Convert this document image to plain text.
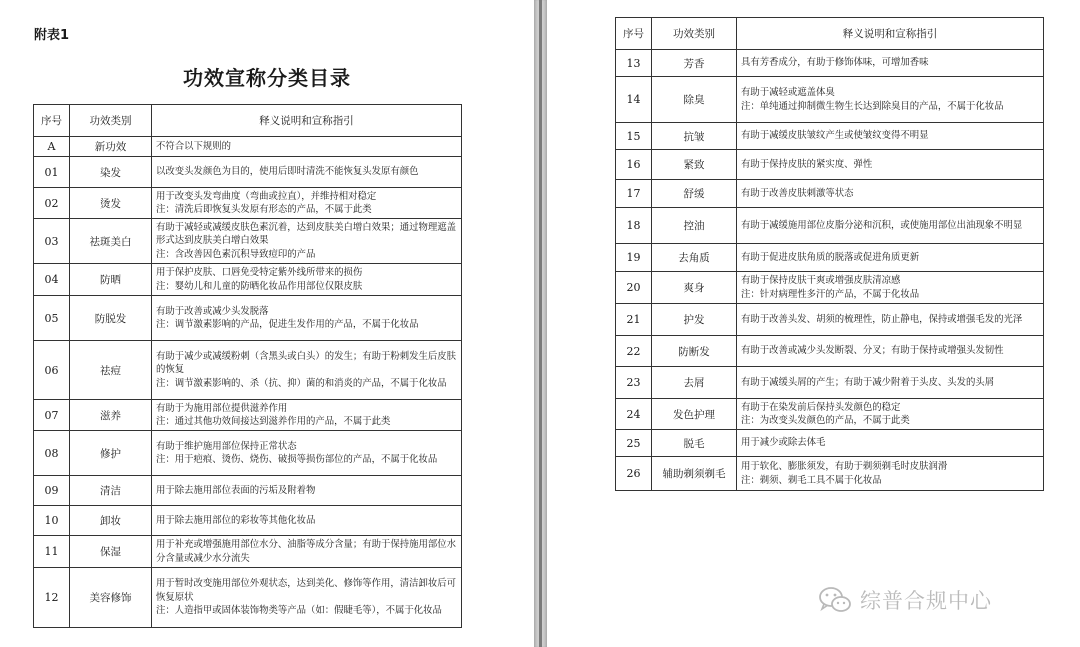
附表1
功效宣称分类目录
序号	功效类别	释义说明和宣称指引
A	新功效	不符合以下规则的
01	染发	以改变头发颜色为目的，使用后即时清洗不能恢复头发原有颜色
02	烫发	用于改变头发弯曲度（弯曲或拉直），并维持相对稳定
注：清洗后即恢复头发原有形态的产品，不属于此类
03	祛斑美白	有助于减轻或减缓皮肤色素沉着，达到皮肤美白增白效果；通过物理遮盖形式达到皮肤美白增白效果
注：含改善因色素沉积导致痘印的产品
04	防晒	用于保护皮肤、口唇免受特定紫外线所带来的损伤
注：婴幼儿和儿童的防晒化妆品作用部位仅限皮肤
05	防脱发	有助于改善或减少头发脱落
注：调节激素影响的产品，促进生发作用的产品，不属于化妆品
06	祛痘	有助于减少或减缓粉刺（含黑头或白头）的发生；有助于粉刺发生后皮肤的恢复
注：调节激素影响的、杀（抗、抑）菌的和消炎的产品，不属于化妆品
07	滋养	有助于为施用部位提供滋养作用
注：通过其他功效间接达到滋养作用的产品，不属于此类
08	修护	有助于维护施用部位保持正常状态
注：用于疤痕、烫伤、烧伤、破损等损伤部位的产品，不属于化妆品
09	清洁	用于除去施用部位表面的污垢及附着物
10	卸妆	用于除去施用部位的彩妆等其他化妆品
11	保湿	用于补充或增强施用部位水分、油脂等成分含量；有助于保持施用部位水分含量或减少水分流失
12	美容修饰	用于暂时改变施用部位外观状态，达到美化、修饰等作用，清洁卸妆后可恢复原状
注：人造指甲或固体装饰物类等产品（如：假睫毛等），不属于化妆品
序号	功效类别	释义说明和宣称指引
13	芳香	具有芳香成分，有助于修饰体味，可增加香味
14	除臭	有助于减轻或遮盖体臭
注：单纯通过抑制微生物生长达到除臭目的产品，不属于化妆品
15	抗皱	有助于减缓皮肤皱纹产生或使皱纹变得不明显
16	紧致	有助于保持皮肤的紧实度、弹性
17	舒缓	有助于改善皮肤刺激等状态
18	控油	有助于减缓施用部位皮脂分泌和沉积，或使施用部位出油现象不明显
19	去角质	有助于促进皮肤角质的脱落或促进角质更新
20	爽身	有助于保持皮肤干爽或增强皮肤清凉感
注：针对病理性多汗的产品，不属于化妆品
21	护发	有助于改善头发、胡须的梳理性，防止静电，保持或增强毛发的光泽
22	防断发	有助于改善或减少头发断裂、分叉；有助于保持或增强头发韧性
23	去屑	有助于减缓头屑的产生；有助于减少附着于头皮、头发的头屑
24	发色护理	有助于在染发前后保持头发颜色的稳定
注：为改变头发颜色的产品，不属于此类
25	脱毛	用于减少或除去体毛
26	辅助剃须剃毛	用于软化、膨胀须发，有助于剃须剃毛时皮肤润滑
注：剃须、剃毛工具不属于化妆品
综普合规中心
